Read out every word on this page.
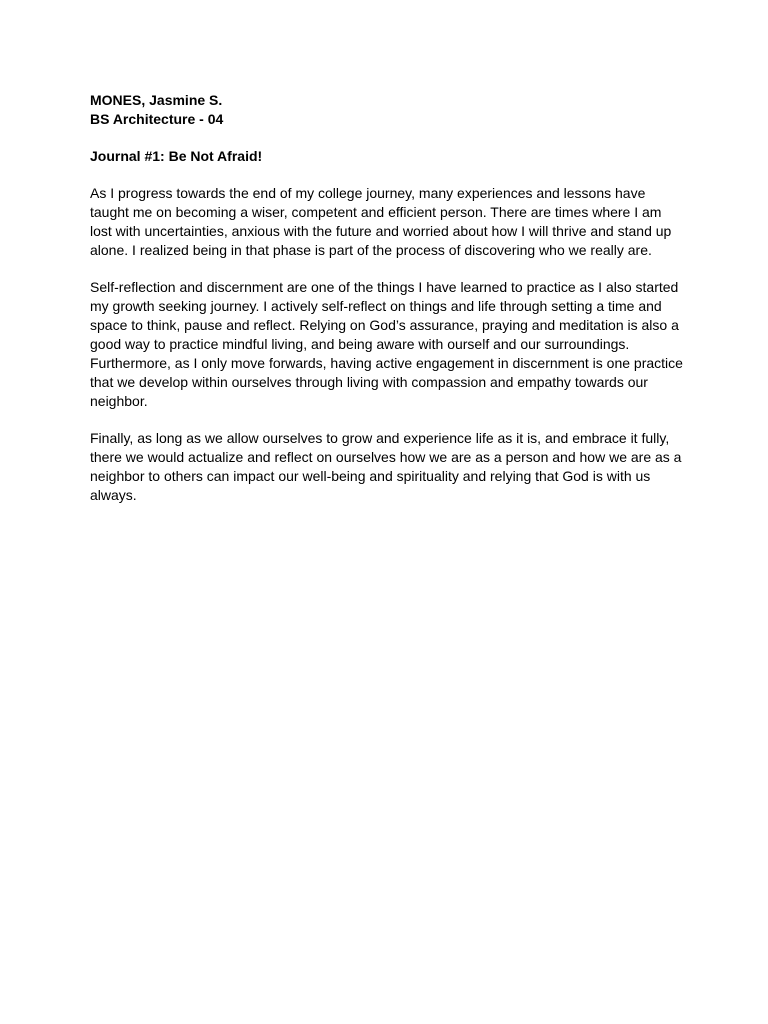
MONES, Jasmine S.
BS Architecture - 04
Journal #1: Be Not Afraid!
As I progress towards the end of my college journey, many experiences and lessons have
taught me on becoming a wiser, competent and efficient person. There are times where I am
lost with uncertainties, anxious with the future and worried about how I will thrive and stand up
alone. I realized being in that phase is part of the process of discovering who we really are.
Self-reflection and discernment are one of the things I have learned to practice as I also started
my growth seeking journey. I actively self-reflect on things and life through setting a time and
space to think, pause and reflect. Relying on God’s assurance, praying and meditation is also a
good way to practice mindful living, and being aware with ourself and our surroundings.
Furthermore, as I only move forwards, having active engagement in discernment is one practice
that we develop within ourselves through living with compassion and empathy towards our
neighbor.
Finally, as long as we allow ourselves to grow and experience life as it is, and embrace it fully,
there we would actualize and reflect on ourselves how we are as a person and how we are as a
neighbor to others can impact our well-being and spirituality and relying that God is with us
always.
